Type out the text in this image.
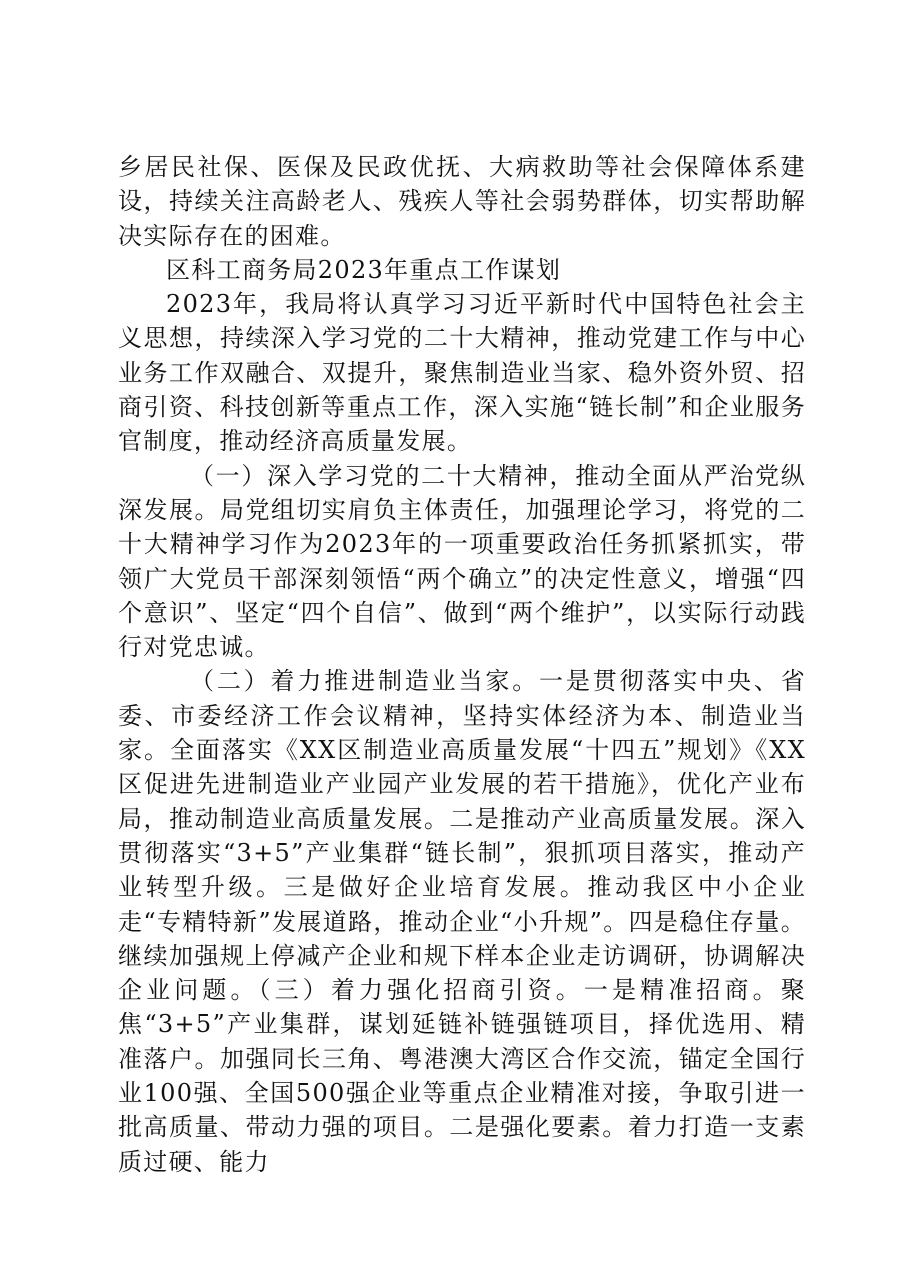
乡居民社保、医保及民政优抚、大病救助等社会保障体系建设，持续关注高龄老人、残疾人等社会弱势群体，切实帮助解决实际存在的困难。

区科工商务局2023年重点工作谋划

2023年，我局将认真学习习近平新时代中国特色社会主义思想，持续深入学习党的二十大精神，推动党建工作与中心业务工作双融合、双提升，聚焦制造业当家、稳外资外贸、招商引资、科技创新等重点工作，深入实施“链长制”和企业服务官制度，推动经济高质量发展。

（一）深入学习党的二十大精神，推动全面从严治党纵深发展。局党组切实肩负主体责任，加强理论学习，将党的二十大精神学习作为2023年的一项重要政治任务抓紧抓实，带领广大党员干部深刻领悟“两个确立”的决定性意义，增强“四个意识”、坚定“四个自信”、做到“两个维护”，以实际行动践行对党忠诚。

（二）着力推进制造业当家。一是贯彻落实中央、省委、市委经济工作会议精神，坚持实体经济为本、制造业当家。全面落实《XX区制造业高质量发展“十四五”规划》《XX区促进先进制造业产业园产业发展的若干措施》，优化产业布局，推动制造业高质量发展。二是推动产业高质量发展。深入贯彻落实“3+5”产业集群“链长制”，狠抓项目落实，推动产业转型升级。三是做好企业培育发展。推动我区中小企业走“专精特新”发展道路，推动企业“小升规”。四是稳住存量。继续加强规上停减产企业和规下样本企业走访调研，协调解决企业问题。（三）着力强化招商引资。一是精准招商。聚焦“3+5”产业集群，谋划延链补链强链项目，择优选用、精准落户。加强同长三角、粤港澳大湾区合作交流，锚定全国行业100强、全国500强企业等重点企业精准对接，争取引进一批高质量、带动力强的项目。二是强化要素。着力打造一支素质过硬、能力
